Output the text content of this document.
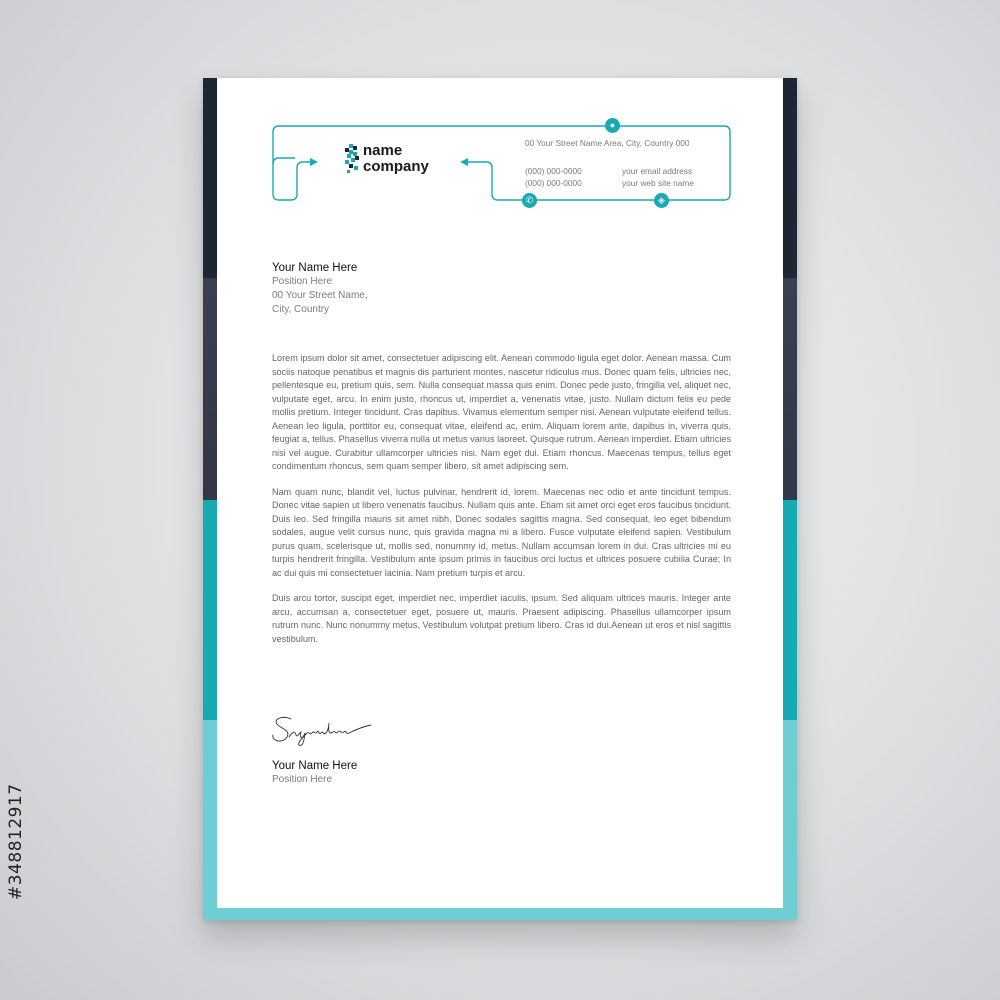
#348812917
name
company
●
✆	◈
00 Your Street Name Area, City, Country 000
(000) 000-0000
(000) 000-0000
your email address
your web site name
Your Name Here
Position Here
00 Your Street Name,
City, Country

Lorem ipsum dolor sit amet, consectetuer adipiscing elit. Aenean commodo ligula eget dolor. Aenean massa. Cum sociis natoque penatibus et magnis dis parturient montes, nascetur ridiculus mus. Donec quam felis, ultricies nec, pellentesque eu, pretium quis, sem. Nulla consequat massa quis enim. Donec pede justo, fringilla vel, aliquet nec, vulputate eget, arcu. In enim justo, rhoncus ut, imperdiet a, venenatis vitae, justo. Nullam dictum felis eu pede mollis pretium. Integer tincidunt. Cras dapibus. Vivamus elementum semper nisi. Aenean vulputate eleifend tellus. Aenean leo ligula, porttitor eu, consequat vitae, eleifend ac, enim. Aliquam lorem ante, dapibus in, viverra quis, feugiat a, tellus. Phasellus viverra nulla ut metus varius laoreet. Quisque rutrum. Aenean imperdiet. Etiam ultricies nisi vel augue. Curabitur ullamcorper ultricies nisi. Nam eget dui. Etiam rhoncus. Maecenas tempus, tellus eget condimentum rhoncus, sem quam semper libero, sit amet adipiscing sem.

Nam quam nunc, blandit vel, luctus pulvinar, hendrerit id, lorem. Maecenas nec odio et ante tincidunt tempus. Donec vitae sapien ut libero venenatis faucibus. Nullam quis ante. Etiam sit amet orci eget eros faucibus tincidunt. Duis leo. Sed fringilla mauris sit amet nibh. Donec sodales sagittis magna. Sed consequat, leo eget bibendum sodales, augue velit cursus nunc, quis gravida magna mi a libero. Fusce vulputate eleifend sapien. Vestibulum purus quam, scelerisque ut, mollis sed, nonummy id, metus. Nullam accumsan lorem in dui. Cras ultricies mi eu turpis hendrerit fringilla. Vestibulum ante ipsum primis in faucibus orci luctus et ultrices posuere cubilia Curae; In ac dui quis mi consectetuer lacinia. Nam pretium turpis et arcu.

Duis arcu tortor, suscipit eget, imperdiet nec, imperdiet iaculis, ipsum. Sed aliquam ultrices mauris. Integer ante arcu, accumsan a, consectetuer eget, posuere ut, mauris. Praesent adipiscing. Phasellus ullamcorper ipsum rutrum nunc. Nunc nonummy metus. Vestibulum volutpat pretium libero. Cras id dui.Aenean ut eros et nisl sagittis vestibulum.

Your Name Here
Position Here
